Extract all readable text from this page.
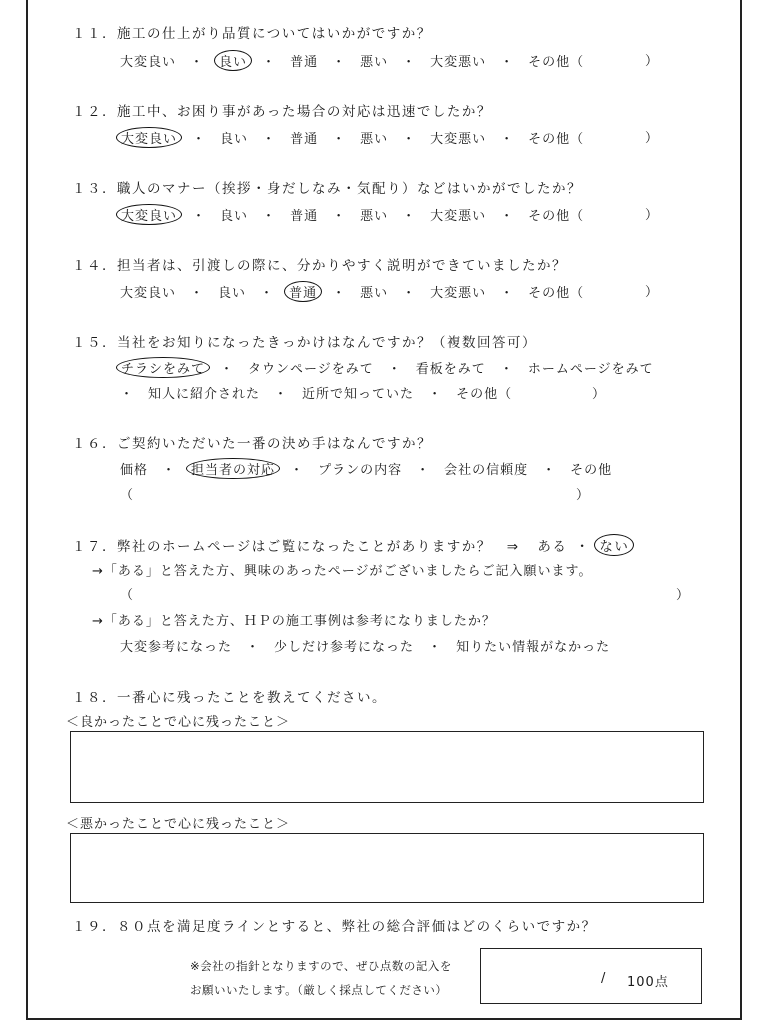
１１．施工の仕上がり品質についてはいかがですか？
大変良い ・ 良い ・ 普通 ・ 悪い ・ 大変悪い ・ その他（	）
１２．施工中、お困り事があった場合の対応は迅速でしたか？
大変良い ・ 良い ・ 普通 ・ 悪い ・ 大変悪い ・ その他（	）
１３．職人のマナー（挨拶・身だしなみ・気配り）などはいかがでしたか？
大変良い ・ 良い ・ 普通 ・ 悪い ・ 大変悪い ・ その他（	）
１４．担当者は、引渡しの際に、分かりやすく説明ができていましたか？
大変良い ・ 良い ・ 普通 ・ 悪い ・ 大変悪い ・ その他（	）
１５．当社をお知りになったきっかけはなんですか？（複数回答可）
チラシをみて ・ タウンページをみて ・ 看板をみて ・ ホームページをみて
・ 知人に紹介された ・ 近所で知っていた ・ その他（	）
１６．ご契約いただいた一番の決め手はなんですか？
価格 ・ 担当者の対応 ・ プランの内容 ・ 会社の信頼度 ・ その他
（	）
１７．弊社のホームページはご覧になったことがありますか？　⇒ ある ・ ない
→「ある」と答えた方、興味のあったページがございましたらご記入願います。
（	）
→「ある」と答えた方、ＨＰの施工事例は参考になりましたか？
大変参考になった ・ 少しだけ参考になった ・ 知りたい情報がなかった
１８．一番心に残ったことを教えてください。
＜良かったことで心に残ったこと＞
＜悪かったことで心に残ったこと＞
１９．８０点を満足度ラインとすると、弊社の総合評価はどのくらいですか？
※会社の指針となりますので、ぜひ点数の記入を
お願いいたします。（厳しく採点してください）
/ 100点
